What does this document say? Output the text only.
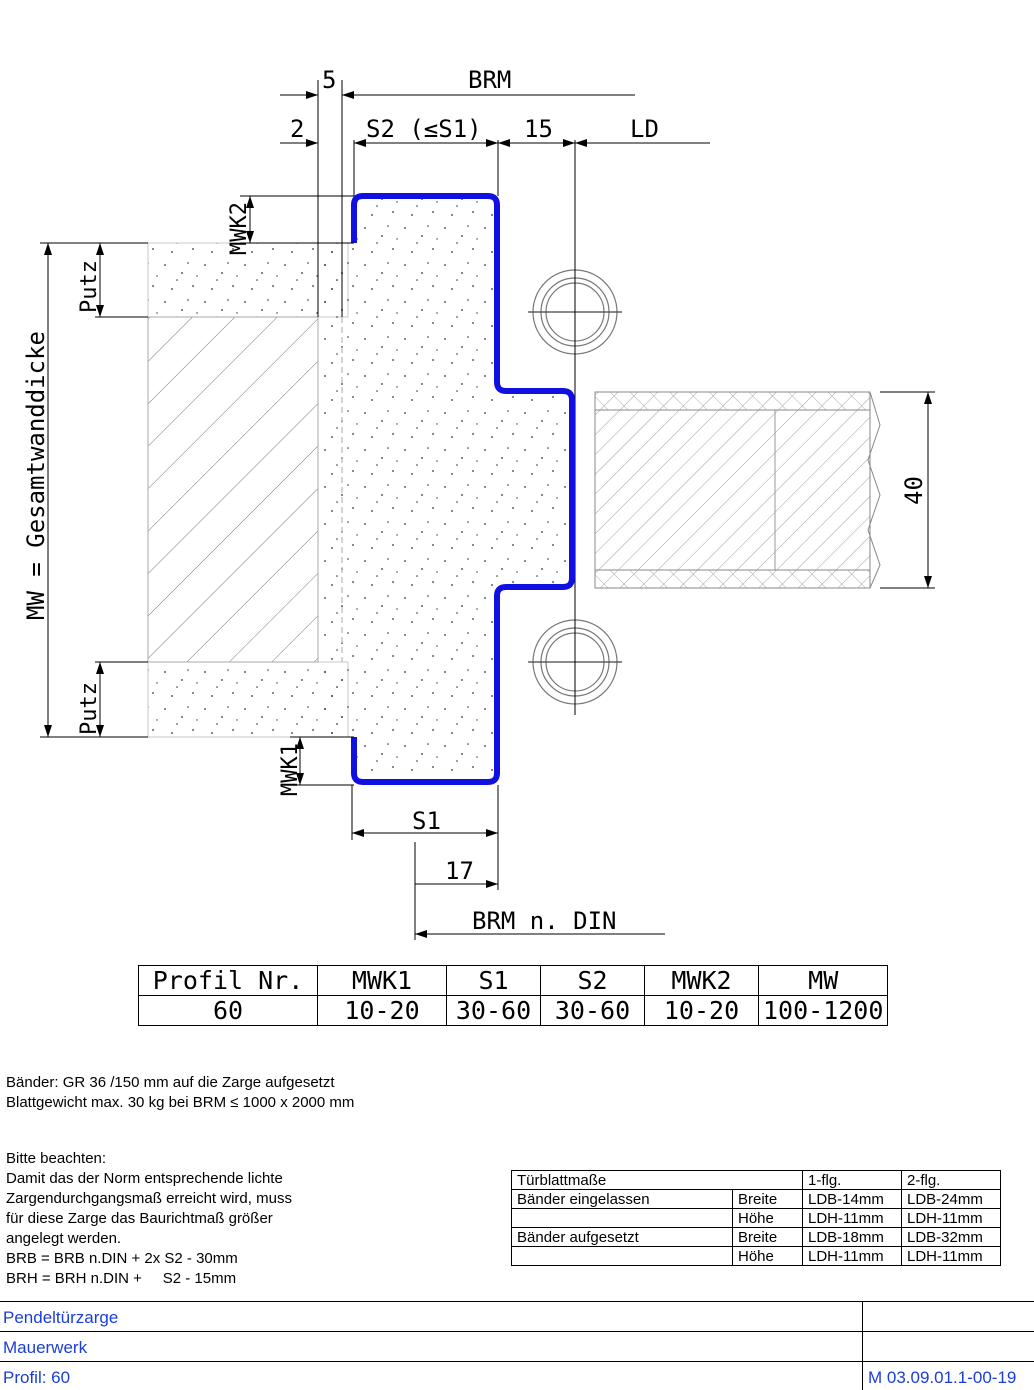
5	BRM
2	S2 (≤S1) 15	LD
MWK2
Putz
Putz
MW = Gesamtwanddicke
MWK1
S1
17
BRM n. DIN
40
Profil Nr.	MWK1	S1	S2	MWK2	MW
60	10-20	30-60	30-60	10-20	100-1200
Bänder: GR 36 /150 mm auf die Zarge aufgesetzt
Blattgewicht max. 30 kg bei BRM ≤ 1000 x 2000 mm
Bitte beachten:
Damit das der Norm entsprechende lichte
Zargendurchgangsmaß erreicht wird, muss
für diese Zarge das Baurichtmaß größer
angelegt werden.
BRB = BRB n.DIN + 2x S2 - 30mm
BRH = BRH n.DIN +     S2 - 15mm
Türblattmaße		1-flg.	2-flg.
Bänder eingelassen	Breite	LDB-14mm	LDB-24mm
	Höhe	LDH-11mm	LDH-11mm
Bänder aufgesetzt	Breite	LDB-18mm	LDB-32mm
	Höhe	LDH-11mm	LDH-11mm
Pendeltürzarge
Mauerwerk
Profil: 60	M 03.09.01.1-00-19
